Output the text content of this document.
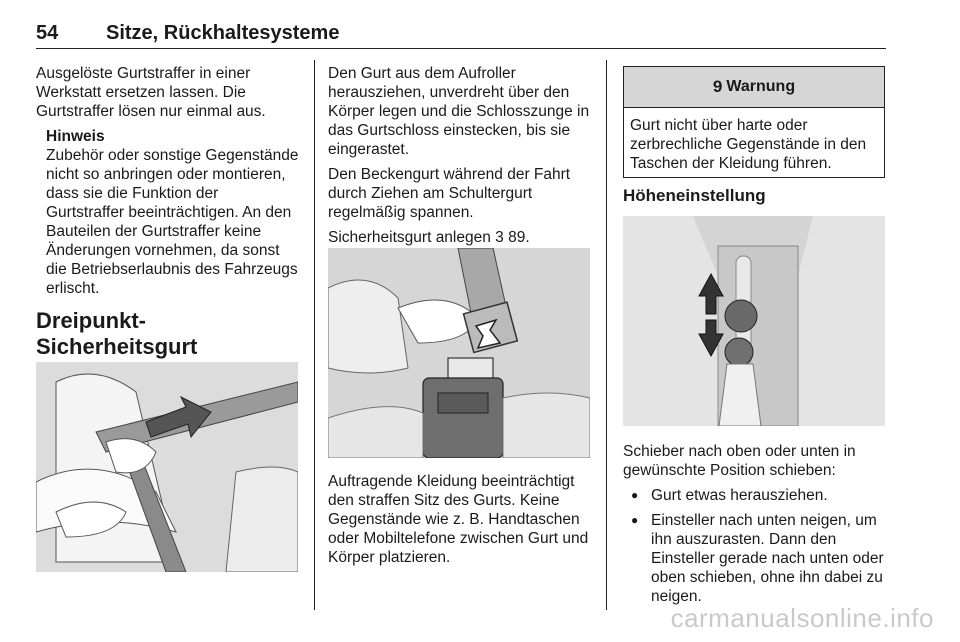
54	Sitze, Rückhaltesysteme

Ausgelöste Gurtstraffer in einer Werkstatt ersetzen lassen. Die Gurtstraffer lösen nur einmal aus.

Hinweis
Zubehör oder sonstige Gegenstände nicht so anbringen oder montieren, dass sie die Funktion der Gurtstraffer beeinträchtigen. An den Bauteilen der Gurtstraffer keine Änderungen vornehmen, da sonst die Betriebserlaubnis des Fahrzeugs erlischt.
Dreipunkt-Sicherheitsgurt

Den Gurt aus dem Aufroller herausziehen, unverdreht über den Körper legen und die Schlosszunge in das Gurtschloss einstecken, bis sie eingerastet.

Den Beckengurt während der Fahrt durch Ziehen am Schultergurt regelmäßig spannen.

Sicherheitsgurt anlegen 3 89.

Auftragende Kleidung beeinträchtigt den straffen Sitz des Gurts. Keine Gegenstände wie z. B. Handtaschen oder Mobiltelefone zwischen Gurt und Körper platzieren.

9 Warnung
Gurt nicht über harte oder zerbrechliche Gegenstände in den Taschen der Kleidung führen.
Höheneinstellung

Schieber nach oben oder unten in gewünschte Position schieben:

● Gurt etwas herausziehen.
● Einsteller nach unten neigen, um ihn auszurasten. Dann den Einsteller gerade nach unten oder oben schieben, ohne ihn dabei zu neigen.
carmanualsonline.info
